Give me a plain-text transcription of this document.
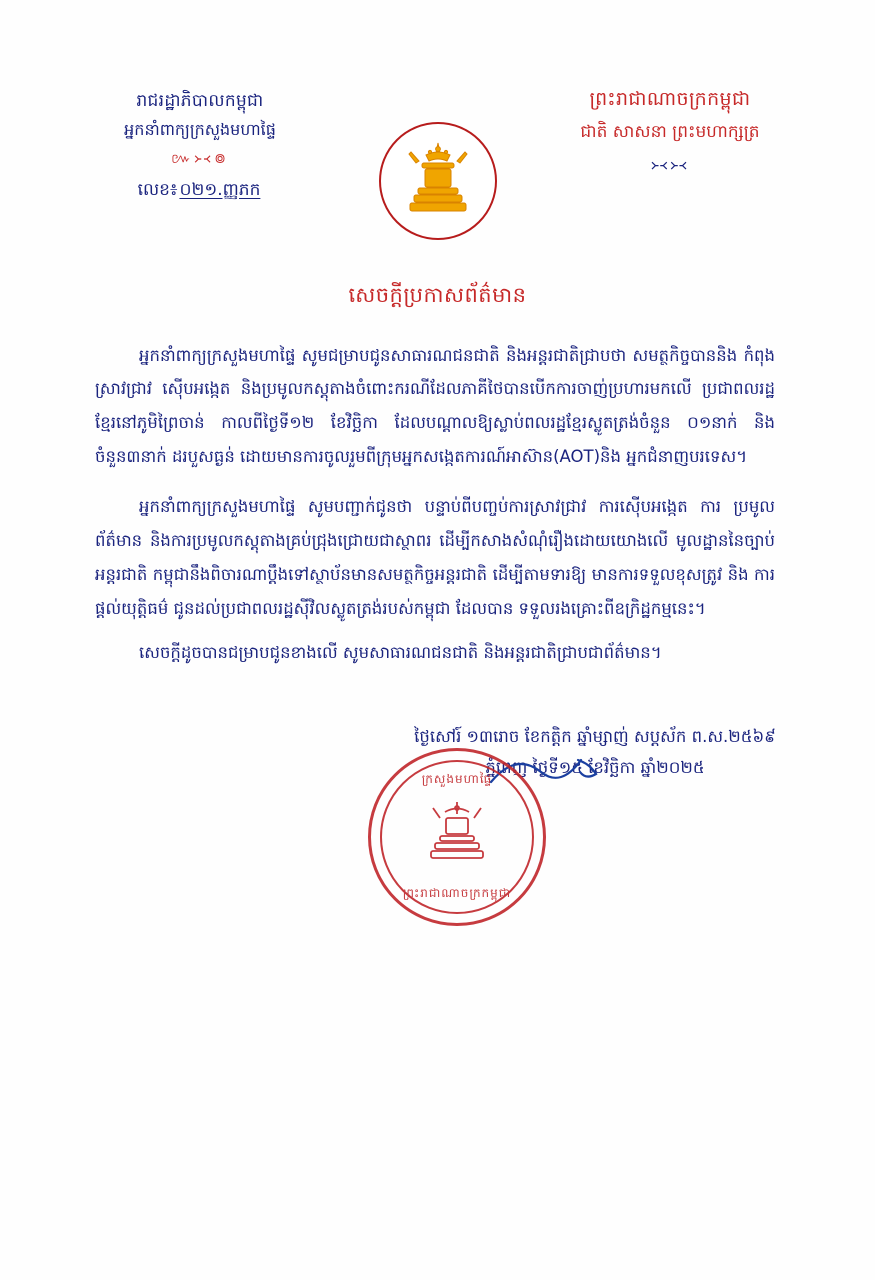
រាជរដ្ឋាភិបាលកម្ពុជា
អ្នកនាំពាក្យក្រសួងមហាផ្ទៃ
៚᚛᚜៙
លេខ៖ ០២១.ញ្ញភក
ព្រះរាជាណាចក្រកម្ពុជា
ជាតិ សាសនា ព្រះមហាក្សត្រ
᚛᚜᚛᚜
សេចក្ដីប្រកាសព័ត៌មាន

អ្នកនាំពាក្យក្រសួងមហាផ្ទៃ សូមជម្រាបជូនសាធារណជនជាតិ និងអន្តរជាតិជ្រាបថា សមត្ថកិច្ចបាននិង កំពុងស្រាវជ្រាវ ស៊ើបអង្កេត និងប្រមូលកស្តុតាងចំពោះករណីដែលភាគីថៃបានបើកការចាញ់ប្រហារមកលើ ប្រជាពលរដ្ឋខ្មែរនៅភូមិព្រៃចាន់ កាលពីថ្ងៃទី១២ ខែវិច្ឆិកា ដែលបណ្ដាលឱ្យស្លាប់ពលរដ្ឋខ្មែរស្លូតត្រង់ចំនួន ០១នាក់ និង ចំនួន៣នាក់ ដរបួសធ្ងន់ ដោយមានការចូលរួមពីក្រុមអ្នកសង្កេតការណ៍អាស៊ាន(AOT)និង អ្នកជំនាញបរទេស។

អ្នកនាំពាក្យក្រសួងមហាផ្ទៃ សូមបញ្ជាក់ជូនថា បន្ទាប់ពីបញ្ចប់ការស្រាវជ្រាវ ការស៊ើបអង្កេត ការ ប្រមូលព័ត៌មាន និងការប្រមូលកស្តុតាងគ្រប់ជ្រុងជ្រោយជាស្ថាពរ ដើម្បីកសាងសំណុំរឿងដោយយោងលើ មូលដ្ឋាននៃច្បាប់អន្តរជាតិ កម្ពុជានឹងពិចារណាប្ដឹងទៅស្ថាប័នមានសមត្ថកិច្ចអន្តរជាតិ ដើម្បីតាមទារឱ្យ មានការទទួលខុសត្រូវ និង ការផ្ដល់យុត្តិធម៌ ជូនដល់ប្រជាពលរដ្ឋស៊ីវិលស្លូតត្រង់របស់កម្ពុជា ដែលបាន ទទួលរងគ្រោះពីឧក្រិដ្ឋកម្មនេះ។

សេចក្ដីដូចបានជម្រាបជូនខាងលើ សូមសាធារណជនជាតិ និងអន្តរជាតិជ្រាបជាព័ត៌មាន។

ថ្ងៃសៅរ៍ ១៣រោច ខែកត្តិក ឆ្នាំម្សាញ់ សប្ដស័ក ព.ស.២៥៦៩
ភ្នំពេញ ថ្ងៃទី១៥ ខែវិច្ឆិកា ឆ្នាំ២០២៥
ក្រសួងមហាផ្ទៃ
ព្រះរាជាណាចក្រកម្ពុជា
